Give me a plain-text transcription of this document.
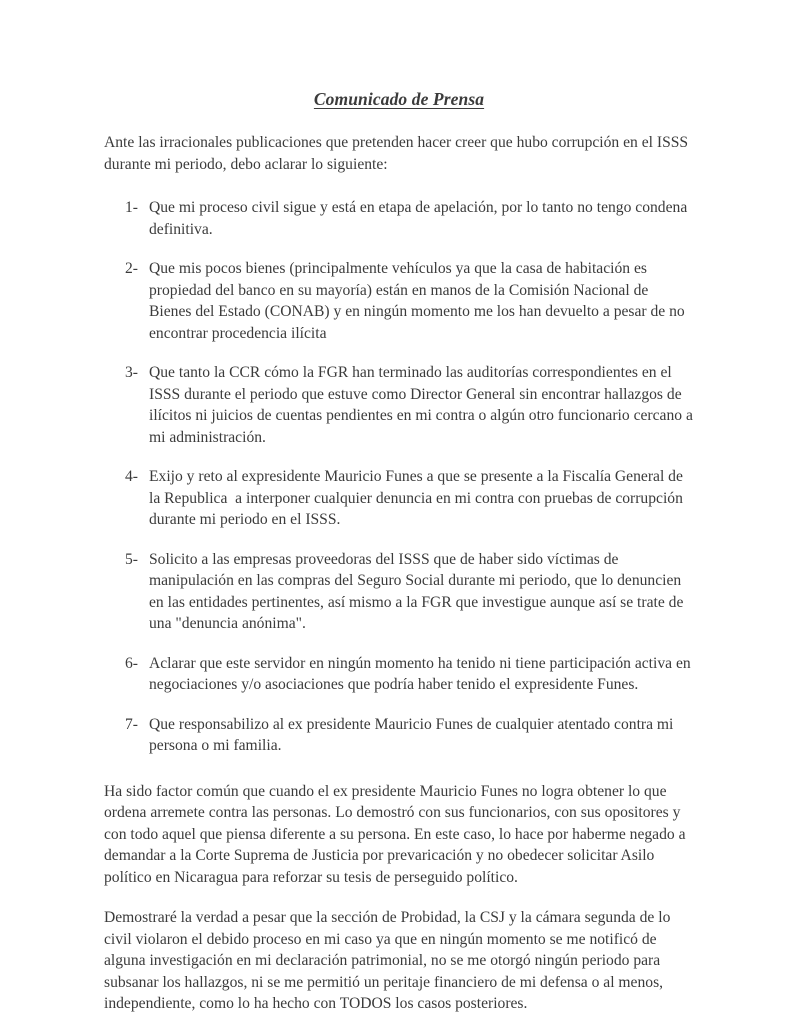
Comunicado de Prensa

Ante las irracionales publicaciones que pretenden hacer creer que hubo corrupción en el ISSS durante mi periodo, debo aclarar lo siguiente:

1- Que mi proceso civil sigue y está en etapa de apelación, por lo tanto no tengo condena definitiva.
2- Que mis pocos bienes (principalmente vehículos ya que la casa de habitación es propiedad del banco en su mayoría) están en manos de la Comisión Nacional de Bienes del Estado (CONAB) y en ningún momento me los han devuelto a pesar de no encontrar procedencia ilícita
3- Que tanto la CCR cómo la FGR han terminado las auditorías correspondientes en el ISSS durante el periodo que estuve como Director General sin encontrar hallazgos de ilícitos ni juicios de cuentas pendientes en mi contra o algún otro funcionario cercano a mi administración.
4- Exijo y reto al expresidente Mauricio Funes a que se presente a la Fiscalía General de la Republica  a interponer cualquier denuncia en mi contra con pruebas de corrupción durante mi periodo en el ISSS.
5- Solicito a las empresas proveedoras del ISSS que de haber sido víctimas de manipulación en las compras del Seguro Social durante mi periodo, que lo denuncien en las entidades pertinentes, así mismo a la FGR que investigue aunque así se trate de una "denuncia anónima".
6- Aclarar que este servidor en ningún momento ha tenido ni tiene participación activa en negociaciones y/o asociaciones que podría haber tenido el expresidente Funes.
7- Que responsabilizo al ex presidente Mauricio Funes de cualquier atentado contra mi persona o mi familia.

Ha sido factor común que cuando el ex presidente Mauricio Funes no logra obtener lo que ordena arremete contra las personas. Lo demostró con sus funcionarios, con sus opositores y con todo aquel que piensa diferente a su persona. En este caso, lo hace por haberme negado a demandar a la Corte Suprema de Justicia por prevaricación y no obedecer solicitar Asilo político en Nicaragua para reforzar su tesis de perseguido político.

Demostraré la verdad a pesar que la sección de Probidad, la CSJ y la cámara segunda de lo civil violaron el debido proceso en mi caso ya que en ningún momento se me notificó de alguna investigación en mi declaración patrimonial, no se me otorgó ningún periodo para subsanar los hallazgos, ni se me permitió un peritaje financiero de mi defensa o al menos, independiente, como lo ha hecho con TODOS los casos posteriores.
